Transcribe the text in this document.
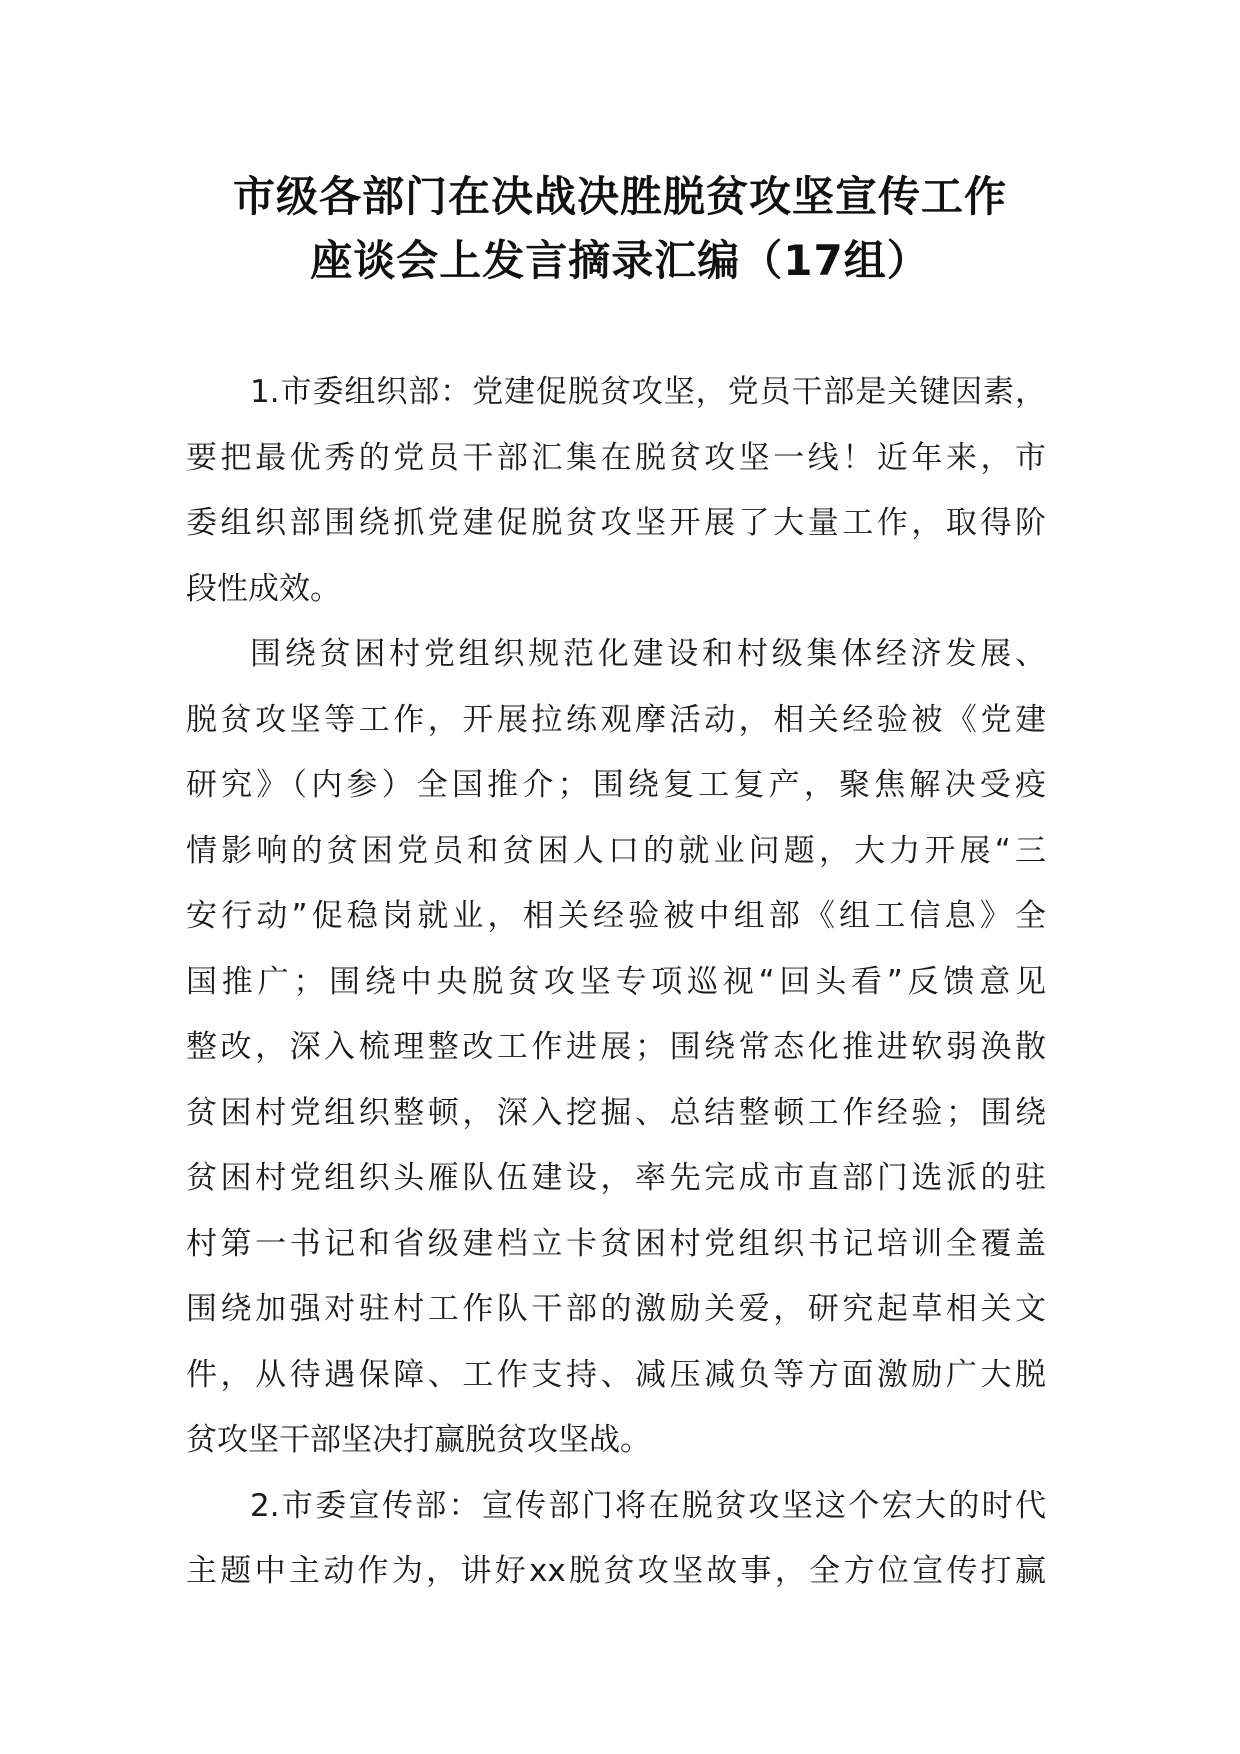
市级各部门在决战决胜脱贫攻坚宣传工作
座谈会上发言摘录汇编（17组）
1.市委组织部：党建促脱贫攻坚，党员干部是关键因素，
要把最优秀的党员干部汇集在脱贫攻坚一线！近年来，市
委组织部围绕抓党建促脱贫攻坚开展了大量工作，取得阶
段性成效。
围绕贫困村党组织规范化建设和村级集体经济发展、
脱贫攻坚等工作，开展拉练观摩活动，相关经验被《党建
研究》（内参）全国推介；围绕复工复产，聚焦解决受疫
情影响的贫困党员和贫困人口的就业问题，大力开展“三
安行动”促稳岗就业，相关经验被中组部《组工信息》全
国推广；围绕中央脱贫攻坚专项巡视“回头看”反馈意见
整改，深入梳理整改工作进展；围绕常态化推进软弱涣散
贫困村党组织整顿，深入挖掘、总结整顿工作经验；围绕
贫困村党组织头雁队伍建设，率先完成市直部门选派的驻
村第一书记和省级建档立卡贫困村党组织书记培训全覆盖
围绕加强对驻村工作队干部的激励关爱，研究起草相关文
件，从待遇保障、工作支持、减压减负等方面激励广大脱
贫攻坚干部坚决打赢脱贫攻坚战。
2.市委宣传部：宣传部门将在脱贫攻坚这个宏大的时代
主题中主动作为，讲好xx脱贫攻坚故事，全方位宣传打赢
